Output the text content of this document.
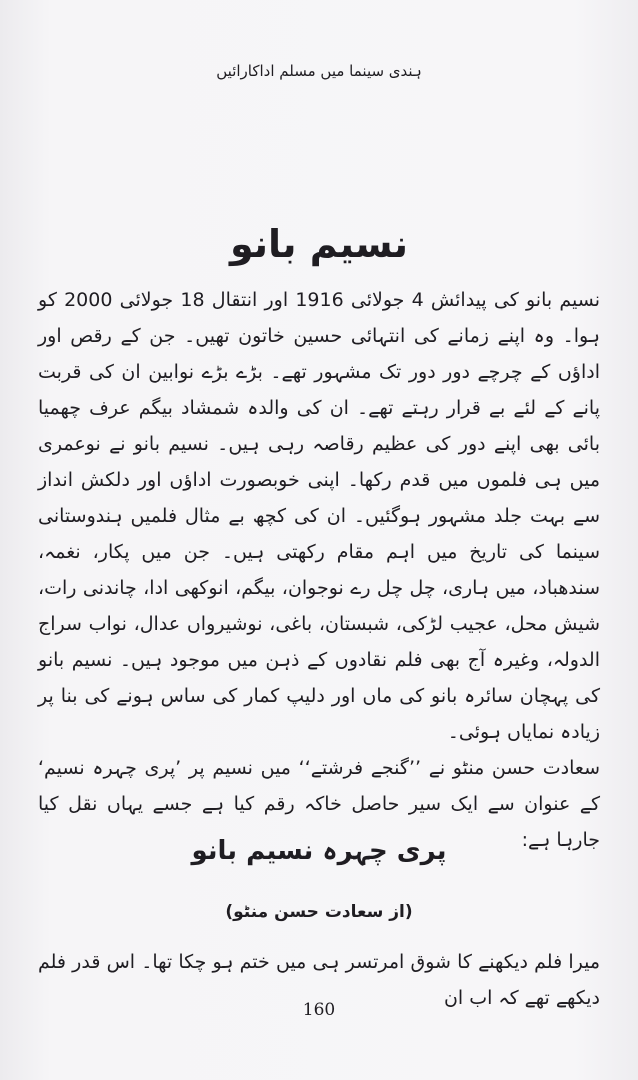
ہندی سینما میں مسلم اداکارائیں
نسیم بانو

نسیم بانو کی پیدائش 4 جولائی 1916 اور انتقال 18 جولائی 2000 کو ہوا۔ وہ اپنے زمانے کی انتہائی حسین خاتون تھیں۔ جن کے رقص اور اداؤں کے چرچے دور دور تک مشہور تھے۔ بڑے بڑے نوابین ان کی قربت پانے کے لئے بے قرار رہتے تھے۔ ان کی والدہ شمشاد بیگم عرف چھمیا بائی بھی اپنے دور کی عظیم رقاصہ رہی ہیں۔ نسیم بانو نے نوعمری میں ہی فلموں میں قدم رکھا۔ اپنی خوبصورت اداؤں اور دلکش انداز سے بہت جلد مشہور ہوگئیں۔ ان کی کچھ بے مثال فلمیں ہندوستانی سینما کی تاریخ میں اہم مقام رکھتی ہیں۔ جن میں پکار، نغمہ، سندھباد، میں ہاری، چل چل رے نوجوان، بیگم، انوکھی ادا، چاندنی رات، شیش محل، عجیب لڑکی، شبستان، باغی، نوشیرواں عدال، نواب سراج الدولہ، وغیرہ آج بھی فلم نقادوں کے ذہن میں موجود ہیں۔ نسیم بانو کی پہچان سائرہ بانو کی ماں اور دلیپ کمار کی ساس ہونے کی بنا پر زیادہ نمایاں ہوئی۔

سعادت حسن منٹو نے ’’گنجے فرشتے‘‘ میں نسیم پر ’پری چہرہ نسیم‘ کے عنوان سے ایک سیر حاصل خاکہ رقم کیا ہے جسے یہاں نقل کیا جارہا ہے:

پری چہرہ نسیم بانو
(از سعادت حسن منٹو)
میرا فلم دیکھنے کا شوق امرتسر ہی میں ختم ہو چکا تھا۔ اس قدر فلم دیکھے تھے کہ اب ان
160
